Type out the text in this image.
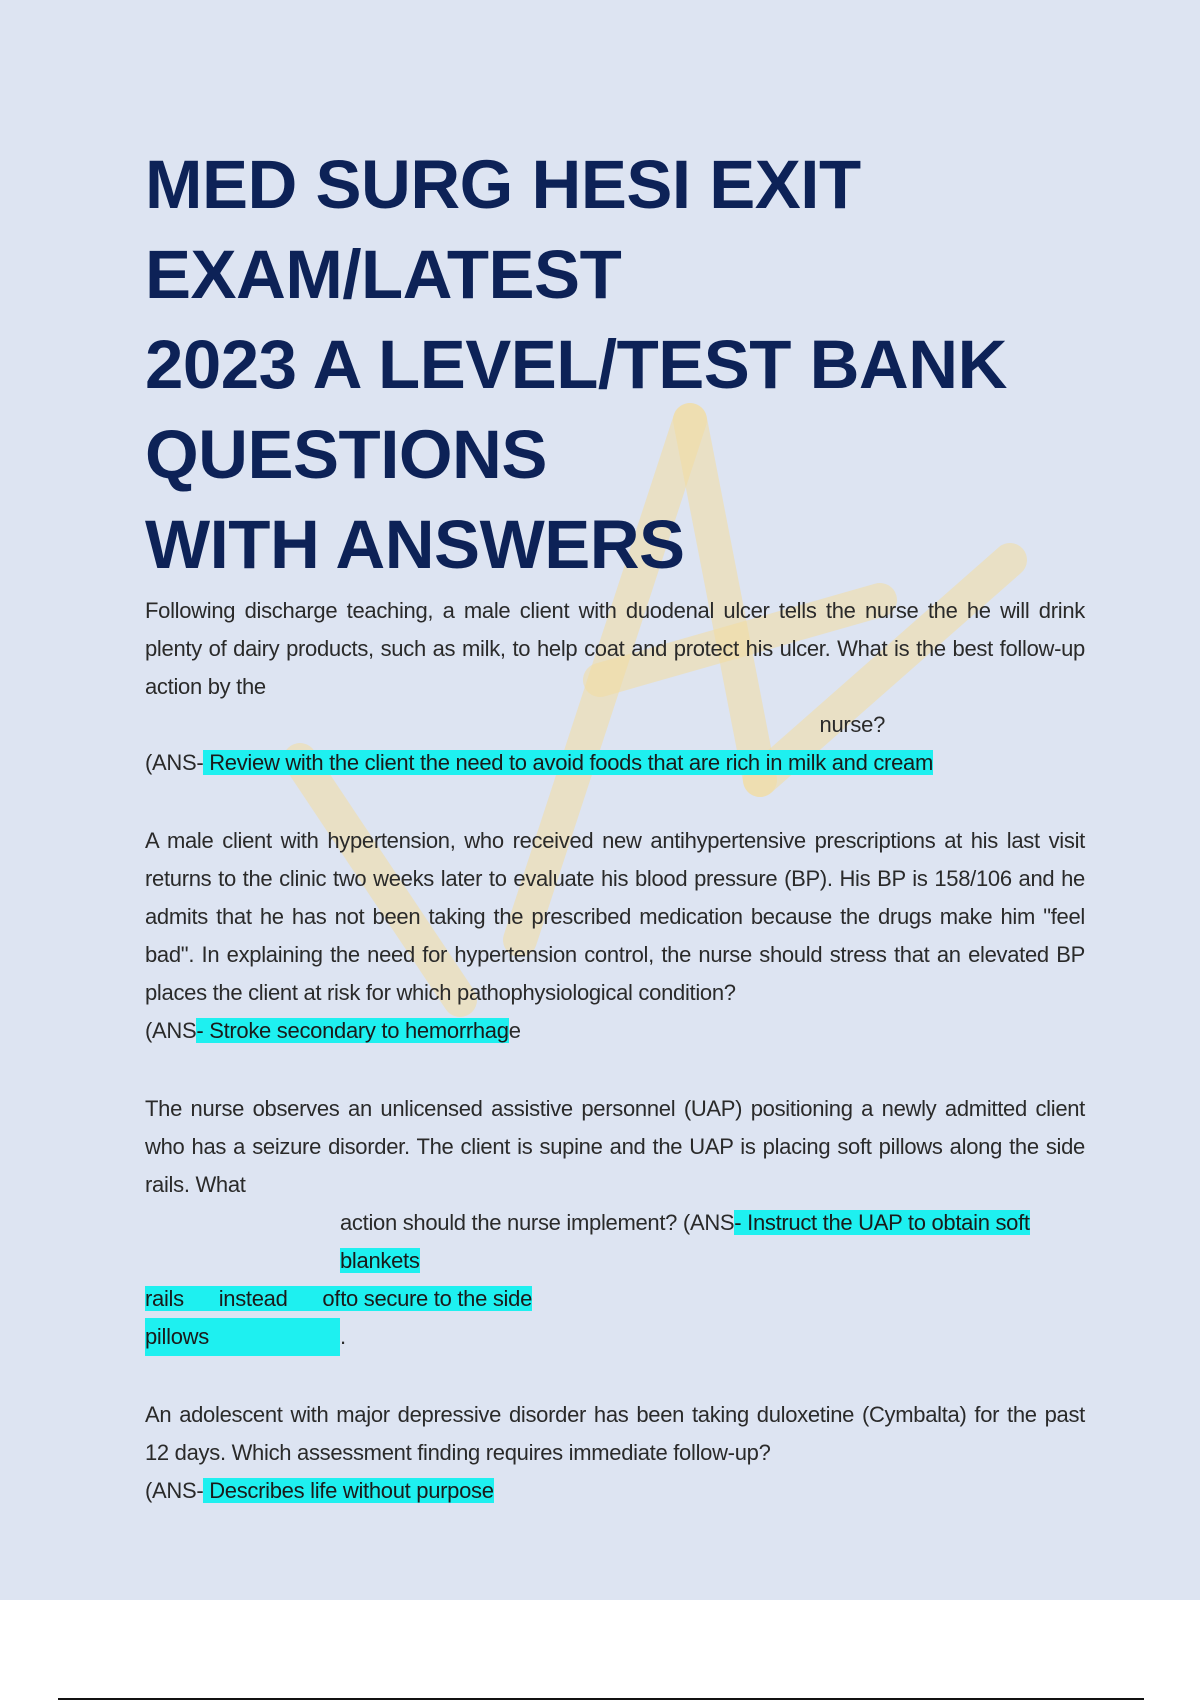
MED SURG HESI EXIT
EXAM/LATEST
2023 A LEVEL/TEST BANK
QUESTIONS
WITH ANSWERS

Following discharge teaching, a male client with duodenal ulcer tells the nurse the he will drink plenty of dairy products, such as milk, to help coat and protect his ulcer. What is the best follow-up action by the

nurse?

(ANS- Review with the client the need to avoid foods that are rich in milk and cream

A male client with hypertension, who received new antihypertensive prescriptions at his last visit returns to the clinic two weeks later to evaluate his blood pressure (BP). His BP is 158/106 and he admits that he has not been taking the prescribed medication because the drugs make him "feel bad". In explaining the need for hypertension control, the nurse should stress that an elevated BP places the client at risk for which pathophysiological condition?

(ANS- Stroke secondary to hemorrhage

The nurse observes an unlicensed assistive personnel (UAP) positioning a newly admitted client who has a seizure disorder. The client is supine and the UAP is placing soft pillows along the side rails. What

action should the nurse implement? (ANS- Instruct the UAP to obtain soft blankets

rails      instead      ofto secure to the side

pillows	.

An adolescent with major depressive disorder has been taking duloxetine (Cymbalta) for the past 12 days. Which assessment finding requires immediate follow-up?

(ANS- Describes life without purpose
